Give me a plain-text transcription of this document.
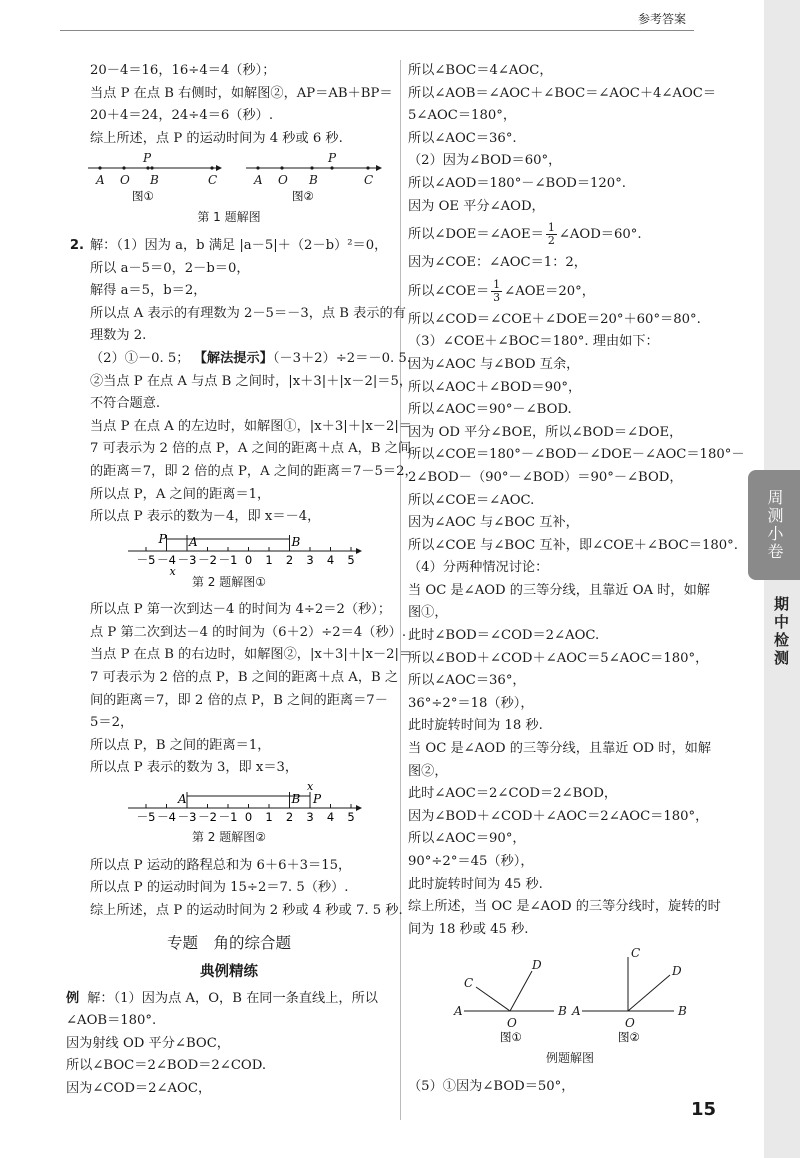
参考答案
20－4＝16，16÷4＝4（秒）；
当点 P 在点 B 右侧时，如解图②，AP＝AB＋BP＝
20＋4＝24，24÷4＝6（秒）.
综上所述，点 P 的运动时间为 4 秒或 6 秒.
A O B
P
C	A O B
P
C
图①	图②
第 1 题解图
2. 解：（1）因为 a，b 满足 |a－5|＋（2－b）²＝0，
所以 a－5＝0，2－b＝0，
解得 a＝5，b＝2，
所以点 A 表示的有理数为 2－5＝－3，点 B 表示的有
理数为 2.
（2）①－0. 5； 【解法提示】（－3＋2）÷2＝－0. 5.
②当点 P 在点 A 与点 B 之间时，|x＋3|＋|x－2|＝5，
不符合题意.
当点 P 在点 A 的左边时，如解图①，|x＋3|＋|x－2|＝
7 可表示为 2 倍的点 P，A 之间的距离＋点 A，B 之间
的距离＝7，即 2 倍的点 P，A 之间的距离＝7－5＝2，
所以点 P，A 之间的距离＝1，
所以点 P 表示的数为－4，即 x＝－4，
－5 －4 －3 －2 －1 0 1 2 3 4 5
P A	B
x
第 2 题解图①
所以点 P 第一次到达－4 的时间为 4÷2＝2（秒）；
点 P 第二次到达－4 的时间为（6＋2）÷2＝4（秒）.
当点 P 在点 B 的右边时，如解图②，|x＋3|＋|x－2|＝
7 可表示为 2 倍的点 P，B 之间的距离＋点 A，B 之
间的距离＝7，即 2 倍的点 P，B 之间的距离＝7－
5＝2，
所以点 P，B 之间的距离＝1，
所以点 P 表示的数为 3，即 x＝3，
－5 －4 －3 －2 －1 0 1 2 3 4 5
A	B P
x
第 2 题解图②
所以点 P 运动的路程总和为 6＋6＋3＝15，
所以点 P 的运动时间为 15÷2＝7. 5（秒）.
综上所述，点 P 的运动时间为 2 秒或 4 秒或 7. 5 秒.
专题　角的综合题
典例精练
例 解：（1）因为点 A，O，B 在同一条直线上，所以
∠AOB＝180°.
因为射线 OD 平分∠BOC，
所以∠BOC＝2∠BOD＝2∠COD.
因为∠COD＝2∠AOC，
所以∠BOC＝4∠AOC，
所以∠AOB＝∠AOC＋∠BOC＝∠AOC＋4∠AOC＝
5∠AOC＝180°，
所以∠AOC＝36°.
（2）因为∠BOD＝60°，
所以∠AOD＝180°－∠BOD＝120°.
因为 OE 平分∠AOD，
所以∠DOE＝∠AOE＝ $\frac{1}{2}$ ∠AOD＝60°.
因为∠COE：∠AOC＝1：2，
所以∠COE＝ $\frac{1}{3}$ ∠AOE＝20°，
所以∠COD＝∠COE＋∠DOE＝20°＋60°＝80°.
（3）∠COE＋∠BOC＝180°. 理由如下：
因为∠AOC 与∠BOD 互余，
所以∠AOC＋∠BOD＝90°，
所以∠AOC＝90°－∠BOD.
因为 OD 平分∠BOE，所以∠BOD＝∠DOE，
所以∠COE＝180°－∠BOD－∠DOE－∠AOC＝180°－
2∠BOD－（90°－∠BOD）＝90°－∠BOD，
所以∠COE＝∠AOC.
因为∠AOC 与∠BOC 互补，
所以∠COE 与∠BOC 互补，即∠COE＋∠BOC＝180°.
（4）分两种情况讨论：
当 OC 是∠AOD 的三等分线，且靠近 OA 时，如解
图①，
此时∠BOD＝∠COD＝2∠AOC.
所以∠BOD＋∠COD＋∠AOC＝5∠AOC＝180°，
所以∠AOC＝36°，
36°÷2°＝18（秒），
此时旋转时间为 18 秒.
当 OC 是∠AOD 的三等分线，且靠近 OD 时，如解
图②，
此时∠AOC＝2∠COD＝2∠BOD，
因为∠BOD＋∠COD＋∠AOC＝2∠AOC＝180°，
所以∠AOC＝90°，
90°÷2°＝45（秒），
此时旋转时间为 45 秒.
综上所述，当 OC 是∠AOD 的三等分线时，旋转的时
间为 18 秒或 45 秒.
A
O
B
C
D
A
O
B
C
D
图①	图②
例题解图
（5）①因为∠BOD＝50°，
15
周测小卷
期中检测
